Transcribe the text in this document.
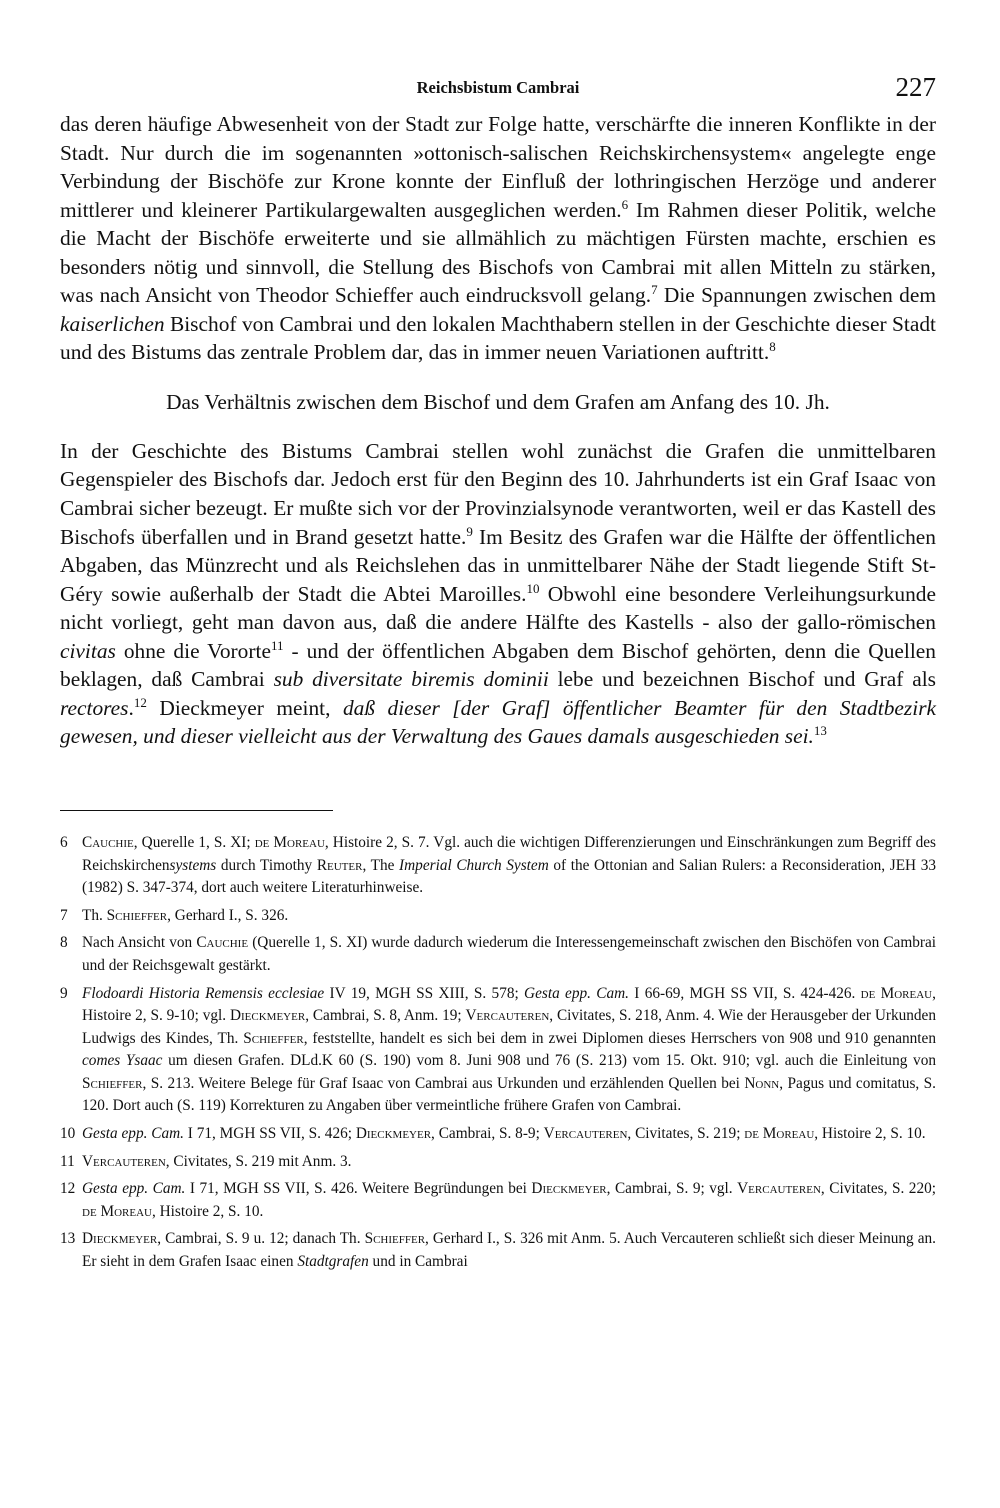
Reichsbistum Cambrai	227

das deren häufige Abwesenheit von der Stadt zur Folge hatte, verschärfte die inneren Konflikte in der Stadt. Nur durch die im sogenannten »ottonisch-salischen Reichskirchensystem« angelegte enge Verbindung der Bischöfe zur Krone konnte der Einfluß der lothringischen Herzöge und anderer mittlerer und kleinerer Partikulargewalten ausgeglichen werden.$^6$ Im Rahmen dieser Politik, welche die Macht der Bischöfe erweiterte und sie allmählich zu mächtigen Fürsten machte, erschien es besonders nötig und sinnvoll, die Stellung des Bischofs von Cambrai mit allen Mitteln zu stärken, was nach Ansicht von Theodor Schieffer auch eindrucksvoll gelang.$^7$ Die Spannungen zwischen dem kaiserlichen Bischof von Cambrai und den lokalen Machthabern stellen in der Geschichte dieser Stadt und des Bistums das zentrale Problem dar, das in immer neuen Variationen auftritt.$^8$

Das Verhältnis zwischen dem Bischof und dem Grafen am Anfang des 10. Jh.

In der Geschichte des Bistums Cambrai stellen wohl zunächst die Grafen die unmittelbaren Gegenspieler des Bischofs dar. Jedoch erst für den Beginn des 10. Jahrhunderts ist ein Graf Isaac von Cambrai sicher bezeugt. Er mußte sich vor der Provinzialsynode verantworten, weil er das Kastell des Bischofs überfallen und in Brand gesetzt hatte.$^9$ Im Besitz des Grafen war die Hälfte der öffentlichen Abgaben, das Münzrecht und als Reichslehen das in unmittelbarer Nähe der Stadt liegende Stift St-Géry sowie außerhalb der Stadt die Abtei Maroilles.$^{10}$ Obwohl eine besondere Verleihungsurkunde nicht vorliegt, geht man davon aus, daß die andere Hälfte des Kastells - also der gallo-römischen civitas ohne die Vororte$^{11}$ - und der öffentlichen Abgaben dem Bischof gehörten, denn die Quellen beklagen, daß Cambrai sub diversitate biremis dominii lebe und bezeichnen Bischof und Graf als rectores.$^{12}$ Dieckmeyer meint, daß dieser [der Graf] öffentlicher Beamter für den Stadtbezirk gewesen, und dieser vielleicht aus der Verwaltung des Gaues damals ausgeschieden sei.$^{13}$

6 Cauchie, Querelle 1, S. XI; de Moreau, Histoire 2, S. 7. Vgl. auch die wichtigen Differenzierungen und Einschränkungen zum Begriff des Reichskirchensystems durch Timothy Reuter, The Imperial Church System of the Ottonian and Salian Rulers: a Reconsideration, JEH 33 (1982) S. 347-374, dort auch weitere Literaturhinweise.
7 Th. Schieffer, Gerhard I., S. 326.
8 Nach Ansicht von Cauchie (Querelle 1, S. XI) wurde dadurch wiederum die Interessengemeinschaft zwischen den Bischöfen von Cambrai und der Reichsgewalt gestärkt.
9 Flodoardi Historia Remensis ecclesiae IV 19, MGH SS XIII, S. 578; Gesta epp. Cam. I 66-69, MGH SS VII, S. 424-426. de Moreau, Histoire 2, S. 9-10; vgl. Dieckmeyer, Cambrai, S. 8, Anm. 19; Vercauteren, Civitates, S. 218, Anm. 4. Wie der Herausgeber der Urkunden Ludwigs des Kindes, Th. Schieffer, feststellte, handelt es sich bei dem in zwei Diplomen dieses Herrschers von 908 und 910 genannten comes Ysaac um diesen Grafen. DLd.K 60 (S. 190) vom 8. Juni 908 und 76 (S. 213) vom 15. Okt. 910; vgl. auch die Einleitung von Schieffer, S. 213. Weitere Belege für Graf Isaac von Cambrai aus Urkunden und erzählenden Quellen bei Nonn, Pagus und comitatus, S. 120. Dort auch (S. 119) Korrekturen zu Angaben über vermeintliche frühere Grafen von Cambrai.
10 Gesta epp. Cam. I 71, MGH SS VII, S. 426; Dieckmeyer, Cambrai, S. 8-9; Vercauteren, Civitates, S. 219; de Moreau, Histoire 2, S. 10.
11 Vercauteren, Civitates, S. 219 mit Anm. 3.
12 Gesta epp. Cam. I 71, MGH SS VII, S. 426. Weitere Begründungen bei Dieckmeyer, Cambrai, S. 9; vgl. Vercauteren, Civitates, S. 220; de Moreau, Histoire 2, S. 10.
13 Dieckmeyer, Cambrai, S. 9 u. 12; danach Th. Schieffer, Gerhard I., S. 326 mit Anm. 5. Auch Vercauteren schließt sich dieser Meinung an. Er sieht in dem Grafen Isaac einen Stadtgrafen und in Cambrai
